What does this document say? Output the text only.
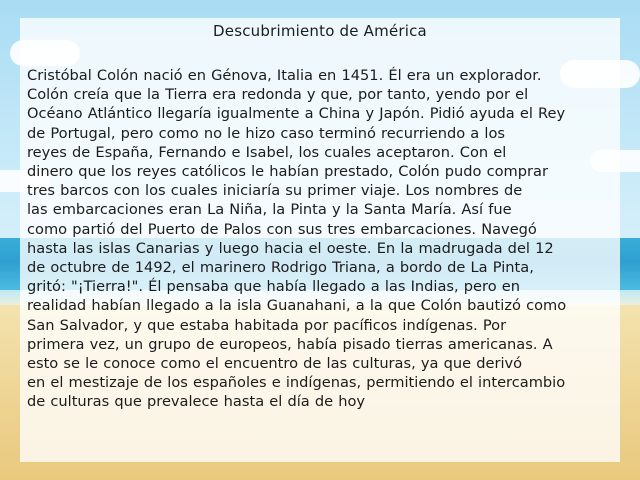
Descubrimiento de América
Cristóbal Colón nació en Génova, Italia en 1451. Él era un explorador.
Colón creía que la Tierra era redonda y que, por tanto, yendo por el
Océano Atlántico llegaría igualmente a China y Japón. Pidió ayuda el Rey
de Portugal, pero como no le hizo caso terminó recurriendo a los
reyes de España, Fernando e Isabel, los cuales aceptaron. Con el
dinero que los reyes católicos le habían prestado, Colón pudo comprar
tres barcos con los cuales iniciaría su primer viaje. Los nombres de
las embarcaciones eran La Niña, la Pinta y la Santa María. Así fue
como partió del Puerto de Palos con sus tres embarcaciones. Navegó
hasta las islas Canarias y luego hacia el oeste. En la madrugada del 12
de octubre de 1492, el marinero Rodrigo Triana, a bordo de La Pinta,
gritó: "¡Tierra!". Él pensaba que había llegado a las Indias, pero en
realidad habían llegado a la isla Guanahani, a la que Colón bautizó como
San Salvador, y que estaba habitada por pacíficos indígenas. Por
primera vez, un grupo de europeos, había pisado tierras americanas. A
esto se le conoce como el encuentro de las culturas, ya que derivó
en el mestizaje de los españoles e indígenas, permitiendo el intercambio
de culturas que prevalece hasta el día de hoy
